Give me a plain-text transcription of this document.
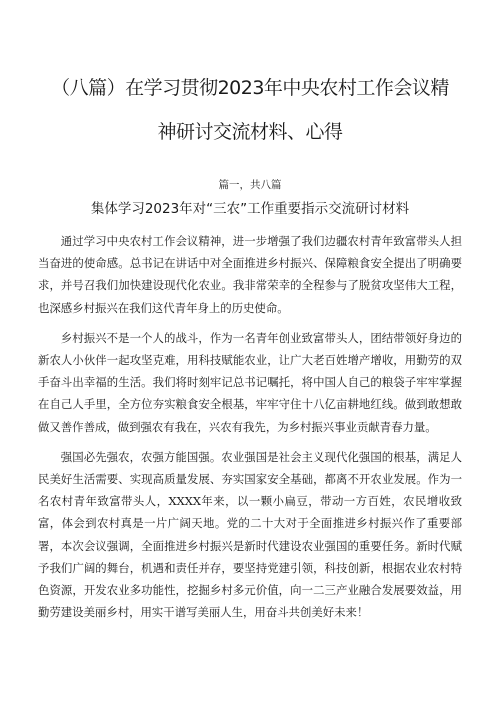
（八篇）在学习贯彻2023年中央农村工作会议精
神研讨交流材料、心得
篇一，共八篇
集体学习2023年对“三农”工作重要指示交流研讨材料

通过学习中央农村工作会议精神，进一步增强了我们边疆农村青年致富带头人担当奋进的使命感。总书记在讲话中对全面推进乡村振兴、保障粮食安全提出了明确要求，并号召我们加快建设现代化农业。我非常荣幸的全程参与了脱贫攻坚伟大工程，也深感乡村振兴在我们这代青年身上的历史使命。

乡村振兴不是一个人的战斗，作为一名青年创业致富带头人，团结带领好身边的新农人小伙伴一起攻坚克难，用科技赋能农业，让广大老百姓增产增收，用勤劳的双手奋斗出幸福的生活。我们将时刻牢记总书记嘱托，将中国人自己的粮袋子牢牢掌握在自己人手里，全方位夯实粮食安全根基，牢牢守住十八亿亩耕地红线。做到敢想敢做又善作善成，做到强农有我在，兴农有我先，为乡村振兴事业贡献青春力量。

强国必先强农，农强方能国强。农业强国是社会主义现代化强国的根基，满足人民美好生活需要、实现高质量发展、夯实国家安全基础，都离不开农业发展。作为一名农村青年致富带头人，XXXX年来，以一颗小扁豆，带动一方百姓，农民增收致富，体会到农村真是一片广阔天地。党的二十大对于全面推进乡村振兴作了重要部署，本次会议强调，全面推进乡村振兴是新时代建设农业强国的重要任务。新时代赋予我们广阔的舞台，机遇和责任并存，要坚持党建引领，科技创新，根据农业农村特色资源，开发农业多功能性，挖掘乡村多元价值，向一二三产业融合发展要效益，用勤劳建设美丽乡村，用实干谱写美丽人生，用奋斗共创美好未来！
